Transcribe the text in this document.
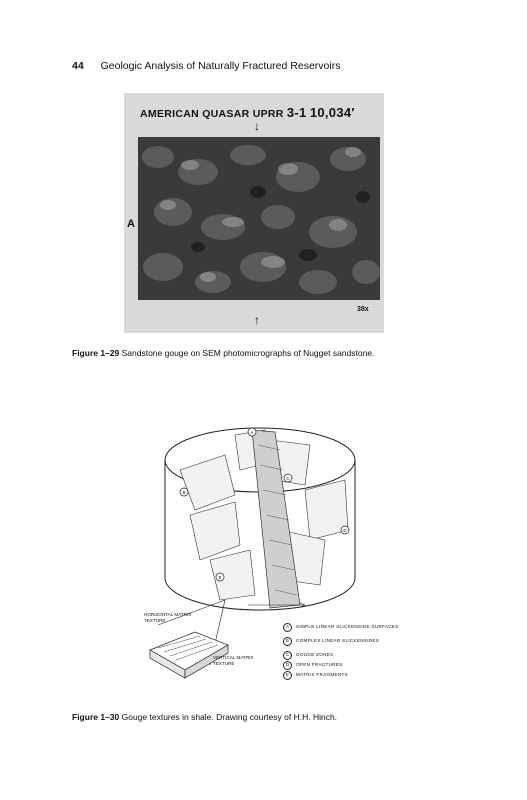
44 Geologic Analysis of Naturally Fractured Reservoirs
AMERICAN QUASAR UPRR 3-1 10,034′
↓
A
38x
↑
Figure 1–29 Sandstone gouge on SEM photomicrographs of Nugget sandstone.
A
B
C
D
E
HORIZONTAL MATRIX TEXTURE
VERTICAL MATRIX TEXTURE
A	SIMPLE LINEAR SLICKENSIDE SURFACES
B	COMPLEX LINEAR SLICKENSIDES
C	GOUGE ZONES
D	OPEN FRACTURES
E	MATRIX FRAGMENTS
Figure 1–30 Gouge textures in shale. Drawing courtesy of H.H. Hinch.
